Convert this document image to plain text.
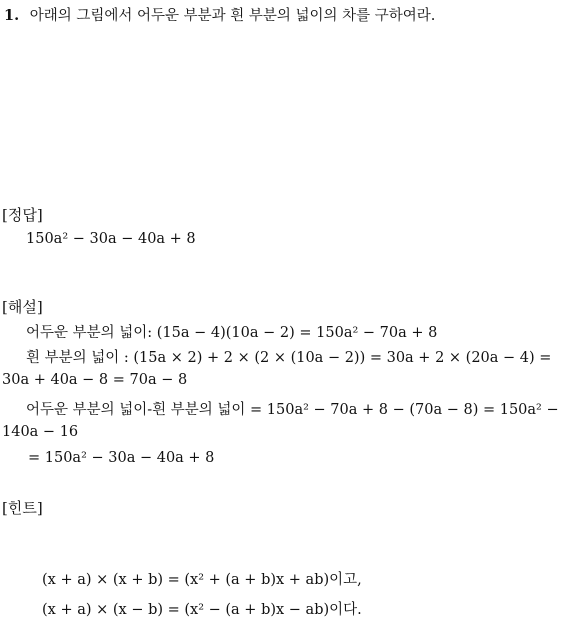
1. 아래의 그림에서 어두운 부분과 흰 부분의 넓이의 차를 구하여라.
[정답]
150a² − 30a − 40a + 8
[해설]
어두운 부분의 넓이: (15a − 4)(10a − 2) = 150a² − 70a + 8
흰 부분의 넓이 : (15a × 2) + 2 × (2 × (10a − 2)) = 30a + 2 × (20a − 4) =
30a + 40a − 8 = 70a − 8
어두운 부분의 넓이-흰 부분의 넓이 = 150a² − 70a + 8 − (70a − 8) = 150a² −
140a − 16
= 150a² − 30a − 40a + 8
[힌트]
(x + a) × (x + b) = (x² + (a + b)x + ab)이고,
(x + a) × (x − b) = (x² − (a + b)x − ab)이다.
